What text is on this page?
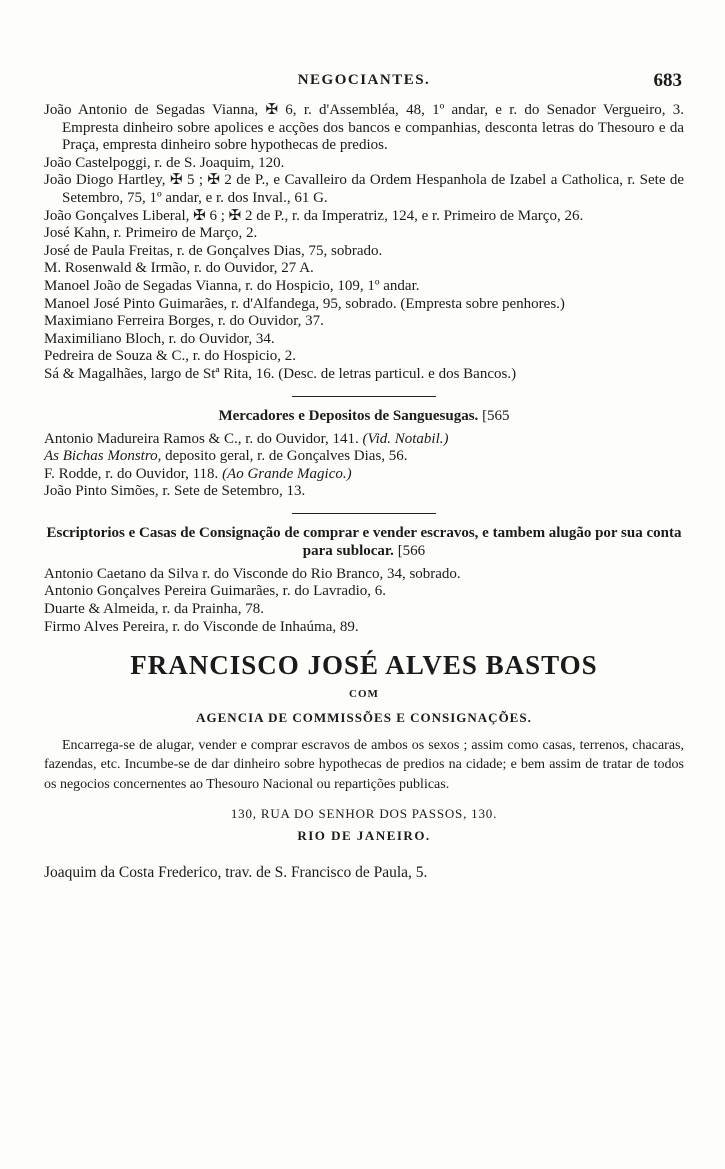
NEGOCIANTES.	683

João Antonio de Segadas Vianna, ✠ 6, r. d'Assembléa, 48, 1º andar, e r. do Senador Vergueiro, 3. Empresta dinheiro sobre apolices e acções dos bancos e companhias, desconta letras do Thesouro e da Praça, empresta dinheiro sobre hypothecas de predios.

João Castelpoggi, r. de S. Joaquim, 120.

João Diogo Hartley, ✠ 5 ; ✠ 2 de P., e Cavalleiro da Ordem Hespanhola de Izabel a Catholica, r. Sete de Setembro, 75, 1º andar, e r. dos Inval., 61 G.

João Gonçalves Liberal, ✠ 6 ; ✠ 2 de P., r. da Imperatriz, 124, e r. Primeiro de Março, 26.

José Kahn, r. Primeiro de Março, 2.

José de Paula Freitas, r. de Gonçalves Dias, 75, sobrado.

M. Rosenwald & Irmão, r. do Ouvidor, 27 A.

Manoel João de Segadas Vianna, r. do Hospicio, 109, 1º andar.

Manoel José Pinto Guimarães, r. d'Alfandega, 95, sobrado. (Empresta sobre penhores.)

Maximiano Ferreira Borges, r. do Ouvidor, 37.

Maximiliano Bloch, r. do Ouvidor, 34.

Pedreira de Souza & C., r. do Hospicio, 2.

Sá & Magalhães, largo de Stª Rita, 16. (Desc. de letras particul. e dos Bancos.)

Mercadores e Depositos de Sanguesugas. [565

Antonio Madureira Ramos & C., r. do Ouvidor, 141. (Vid. Notabil.)

As Bichas Monstro, deposito geral, r. de Gonçalves Dias, 56.

F. Rodde, r. do Ouvidor, 118. (Ao Grande Magico.)

João Pinto Simões, r. Sete de Setembro, 13.

Escriptorios e Casas de Consignação de comprar e vender escravos, e tambem alugão por sua conta para sublocar. [566

Antonio Caetano da Silva r. do Visconde do Rio Branco, 34, sobrado.

Antonio Gonçalves Pereira Guimarães, r. do Lavradio, 6.

Duarte & Almeida, r. da Prainha, 78.

Firmo Alves Pereira, r. do Visconde de Inhaúma, 89.

FRANCISCO JOSÉ ALVES BASTOS
COM
AGENCIA DE COMMISSÕES E CONSIGNAÇÕES.

Encarrega-se de alugar, vender e comprar escravos de ambos os sexos ; assim como casas, terrenos, chacaras, fazendas, etc. Incumbe-se de dar dinheiro sobre hypothecas de predios na cidade; e bem assim de tratar de todos os negocios concernentes ao Thesouro Nacional ou repartições publicas.

130, RUA DO SENHOR DOS PASSOS, 130.
RIO DE JANEIRO.

Joaquim da Costa Frederico, trav. de S. Francisco de Paula, 5.
